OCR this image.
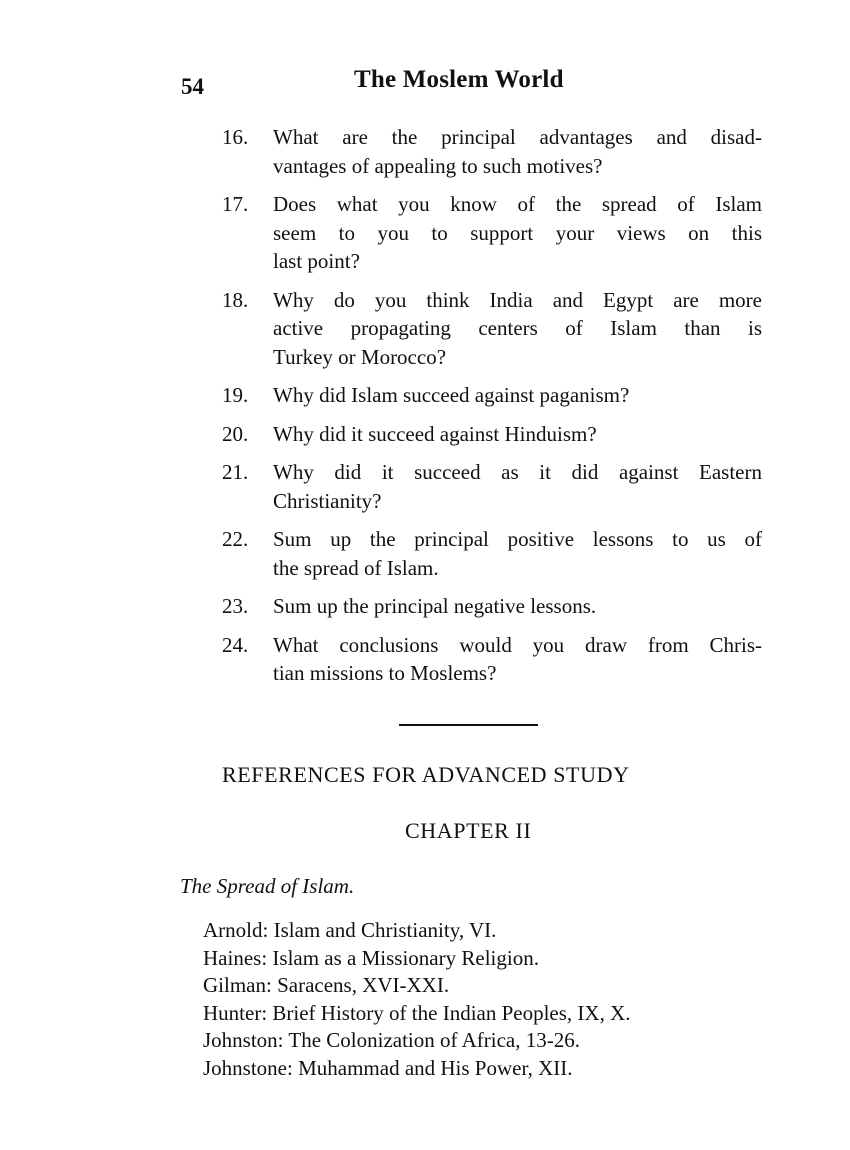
54	The Moslem World
16.	What are the principal advantages and disad-
vantages of appealing to such motives?
17.	Does what you know of the spread of Islam
seem to you to support your views on this
last point?
18.	Why do you think India and Egypt are more
active propagating centers of Islam than is
Turkey or Morocco?
19.	Why did Islam succeed against paganism?
20.	Why did it succeed against Hinduism?
21.	Why did it succeed as it did against Eastern
Christianity?
22.	Sum up the principal positive lessons to us of
the spread of Islam.
23.	Sum up the principal negative lessons.
24.	What conclusions would you draw from Chris-
tian missions to Moslems?
REFERENCES FOR ADVANCED STUDY
CHAPTER II
The Spread of Islam.
Arnold: Islam and Christianity, VI.
Haines: Islam as a Missionary Religion.
Gilman: Saracens, XVI-XXI.
Hunter: Brief History of the Indian Peoples, IX, X.
Johnston: The Colonization of Africa, 13-26.
Johnstone: Muhammad and His Power, XII.
